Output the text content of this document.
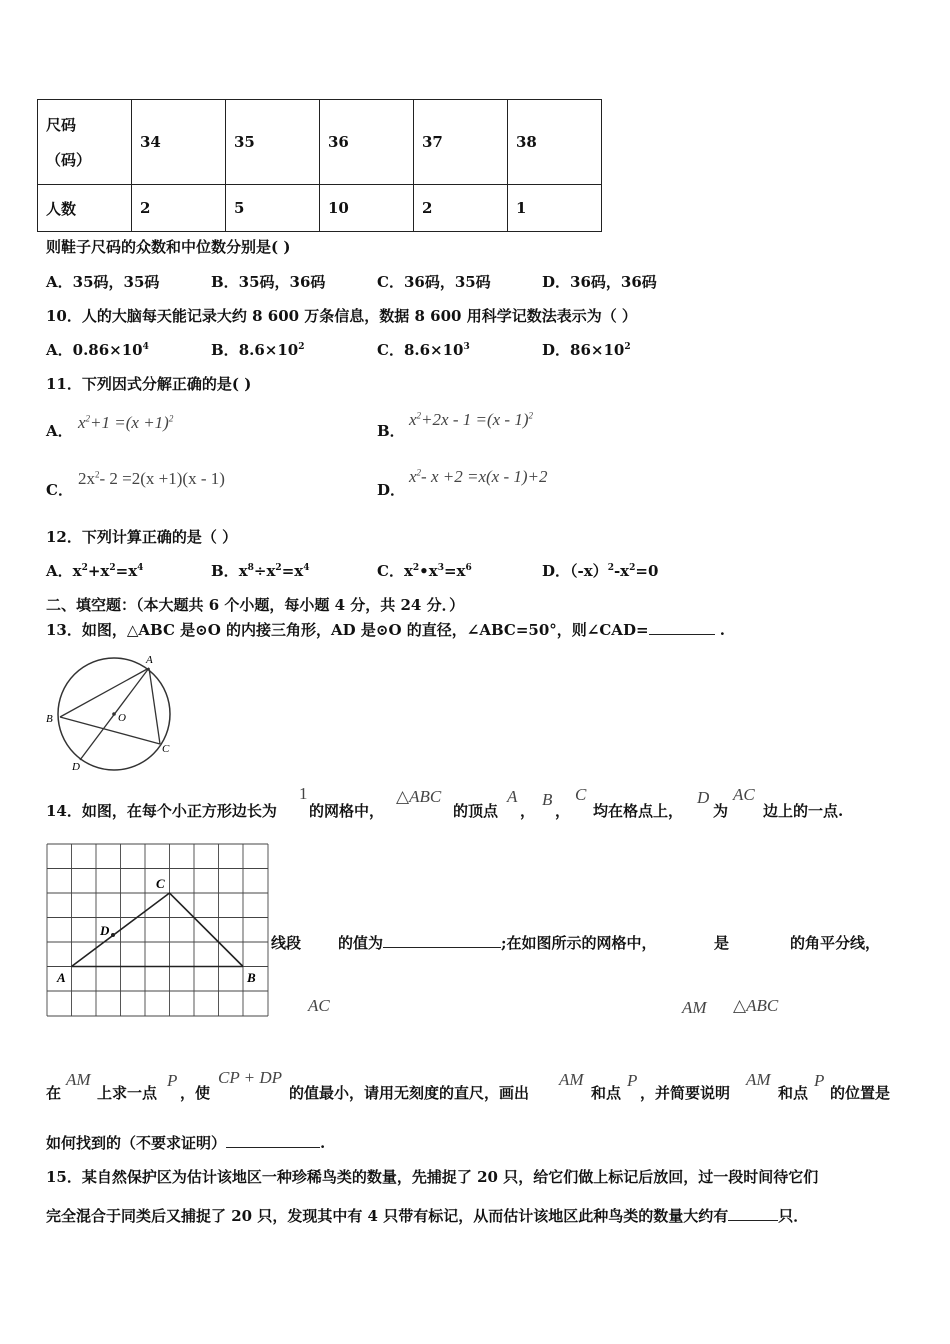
尺码
（码）	34	35	36	37	38
人数	2	5	10	2	1
则鞋子尺码的众数和中位数分别是( )
A．35码，35码	B．35码，36码	C．36码，35码	D．36码，36码
10．人的大脑每天能记录大约 8 600 万条信息，数据 8 600 用科学记数法表示为（ ）
A．$0.86\times 10^4$	B．$8.6\times 10^2$	C．$8.6\times 10^3$	D．$86\times 10^2$
11．下列因式分解正确的是( )
A． $x^2+1 =(x +1)^2$
B．
$x^2+2x - 1 =(x - 1)^2$
C．
$2x^2-$ 2 =2(x +1)(x - 1)
D．
$x^2-$ x +2 =x(x - 1)+2
12．下列计算正确的是（ ）
A．$x^2+x^2=x^4$	B．$x^8\div x^2=x^4$	C．$x^2•x^3=x^6$	D．$(-x)^2-x^2=0$
二、填空题：（本大题共 6 个小题，每小题 4 分，共 24 分．）
13．如图，△ABC 是⊙O 的内接三角形，AD 是⊙O 的直径，∠ABC=50°，则∠CAD=	.
A
B	O
C
D
14．如图，在每个小正方形边长为
1
的网格中，
△ABC
的顶点
A
，
B
，
C
均在格点上，
D
为
AC
边上的一点.
C
D
A	B
线段 的值为	;在如图所示的网格中，	是	的角平分线，
AC	AM △ABC
在
AM
上求一点
P
，使
CP + DP
的值最小，请用无刻度的直尺，画出
AM
和点
P
，并简要说明
AM
和点
P
的位置是
如何找到的（不要求证明）	.
15．某自然保护区为估计该地区一种珍稀鸟类的数量，先捕捉了 20 只，给它们做上标记后放回，过一段时间待它们
完全混合于同类后又捕捉了 20 只，发现其中有 4 只带有标记，从而估计该地区此种鸟类的数量大约有	只．
